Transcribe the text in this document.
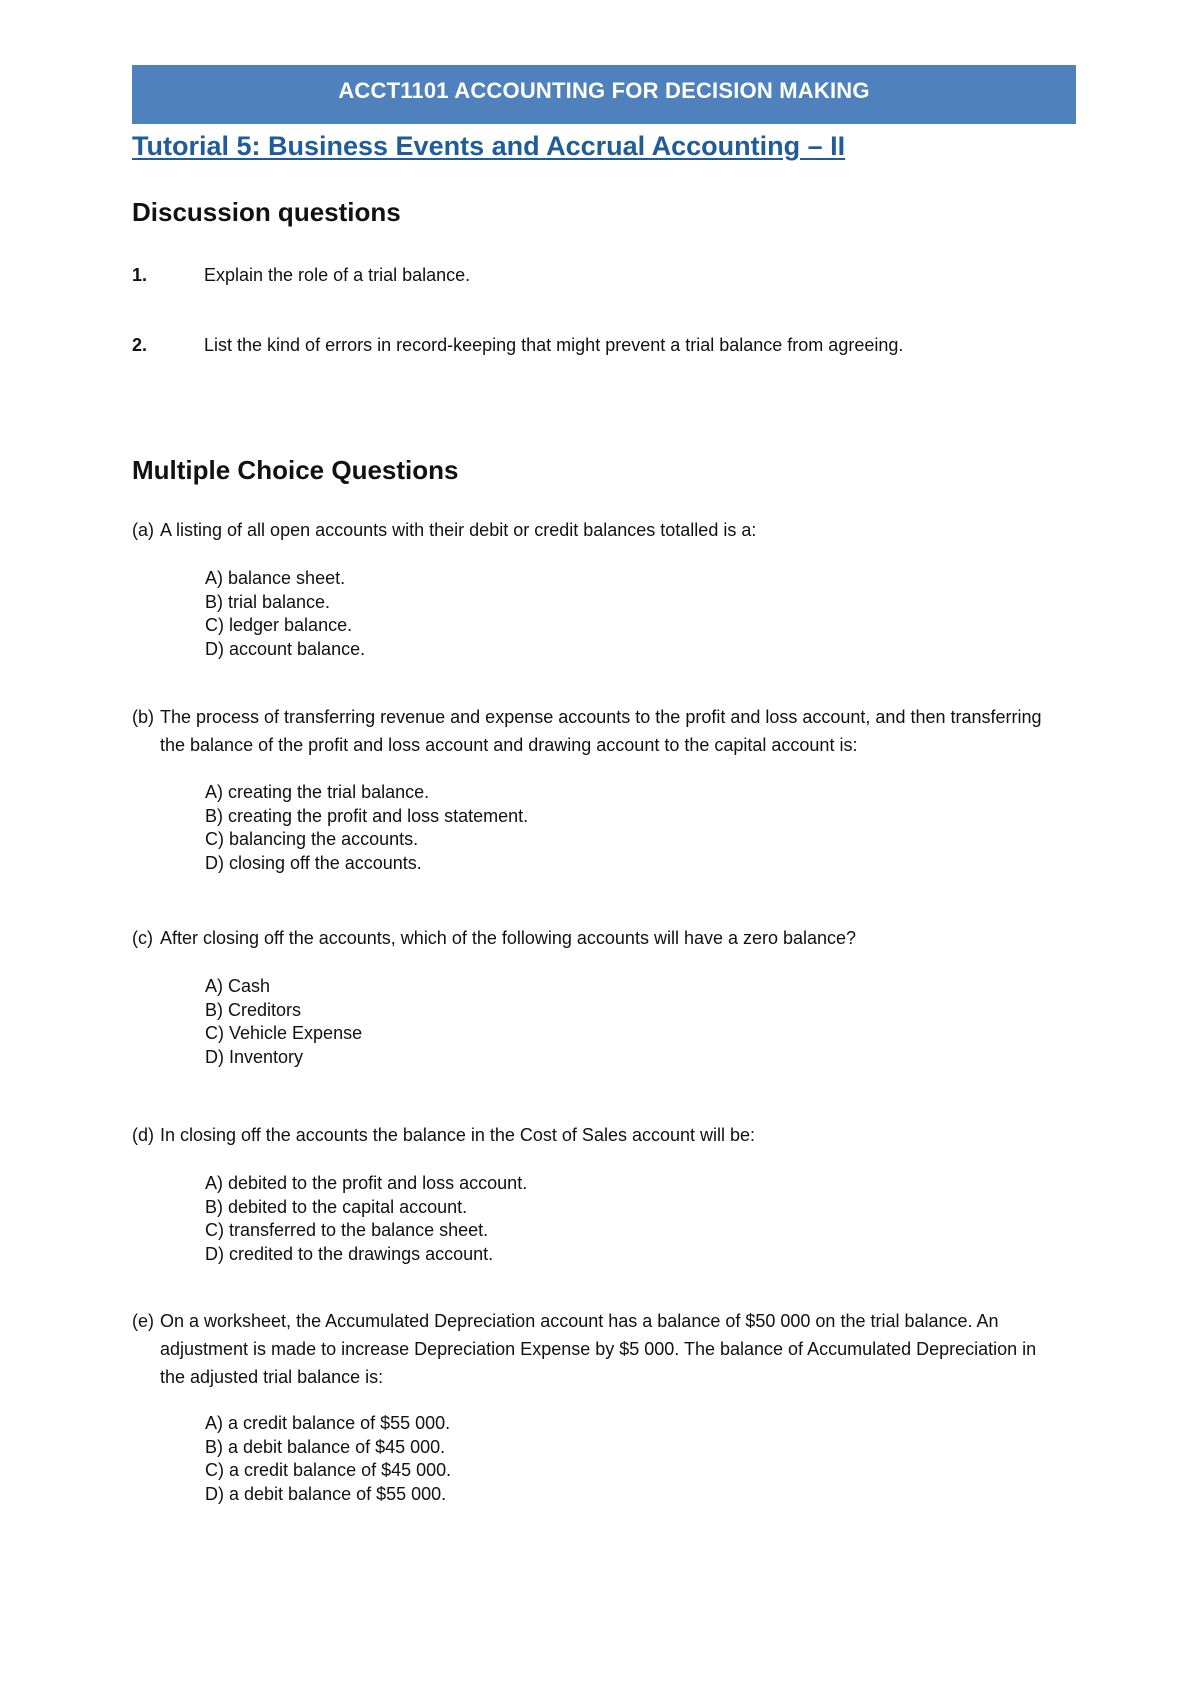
ACCT1101 ACCOUNTING FOR DECISION MAKING
Tutorial 5: Business Events and Accrual Accounting – II
Discussion questions
1.	Explain the role of a trial balance.
2.	List the kind of errors in record-keeping that might prevent a trial balance from agreeing.
Multiple Choice Questions
(a) A listing of all open accounts with their debit or credit balances totalled is a:
A) balance sheet.
B) trial balance.
C) ledger balance.
D) account balance.
(b) The process of transferring revenue and expense accounts to the profit and loss account, and then transferring the balance of the profit and loss account and drawing account to the capital account is:
A) creating the trial balance.
B) creating the profit and loss statement.
C) balancing the accounts.
D) closing off the accounts.
(c) After closing off the accounts, which of the following accounts will have a zero balance?
A) Cash
B) Creditors
C) Vehicle Expense
D) Inventory
(d) In closing off the accounts the balance in the Cost of Sales account will be:
A) debited to the profit and loss account.
B) debited to the capital account.
C) transferred to the balance sheet.
D) credited to the drawings account.
(e) On a worksheet, the Accumulated Depreciation account has a balance of $50 000 on the trial balance. An adjustment is made to increase Depreciation Expense by $5 000. The balance of Accumulated Depreciation in the adjusted trial balance is:
A) a credit balance of $55 000.
B) a debit balance of $45 000.
C) a credit balance of $45 000.
D) a debit balance of $55 000.
